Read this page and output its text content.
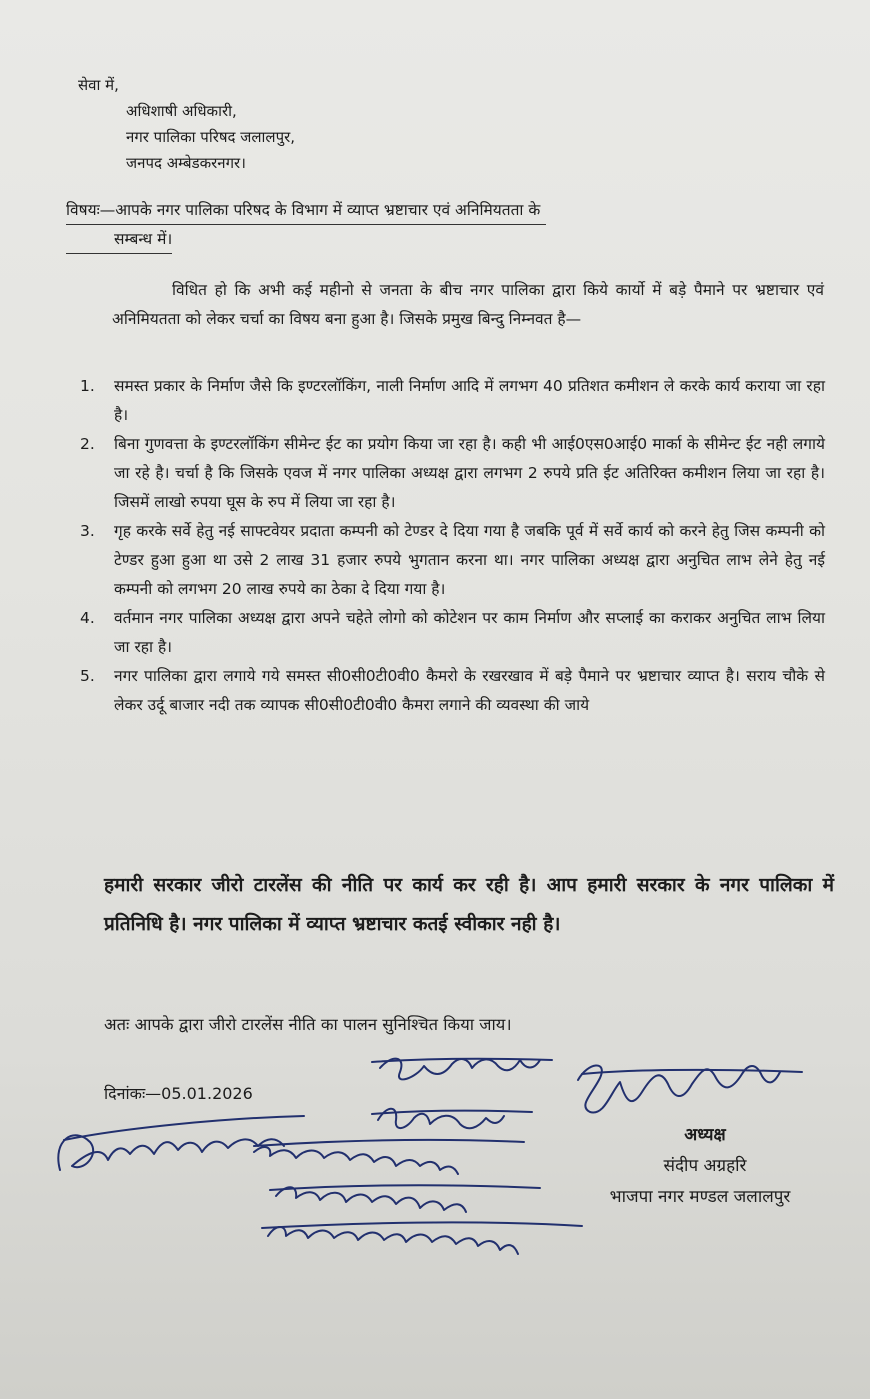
सेवा में,
अधिशाषी अधिकारी,
नगर पालिका परिषद जलालपुर,
जनपद अम्बेडकरनगर।
विषयः—आपके नगर पालिका परिषद के विभाग में व्याप्त भ्रष्टाचार एवं अनिमियतता के
सम्बन्ध में।

विधित हो कि अभी कई महीनो से जनता के बीच नगर पालिका द्वारा किये कार्यो में बड़े पैमाने पर भ्रष्टाचार एवं अनिमियतता को लेकर चर्चा का विषय बना हुआ है। जिसके प्रमुख बिन्दु निम्नवत है—

1. समस्त प्रकार के निर्माण जैसे कि इण्टरलॉकिंग, नाली निर्माण आदि में लगभग 40 प्रतिशत कमीशन ले करके कार्य कराया जा रहा है।
2. बिना गुणवत्ता के इण्टरलॉकिंग सीमेन्ट ईट का प्रयोग किया जा रहा है। कही भी आई0एस0आई0 मार्का के सीमेन्ट ईट नही लगाये जा रहे है। चर्चा है कि जिसके एवज में नगर पालिका अध्यक्ष द्वारा लगभग 2 रुपये प्रति ईट अतिरिक्त कमीशन लिया जा रहा है। जिसमें लाखो रुपया घूस के रुप में लिया जा रहा है।
3. गृह करके सर्वे हेतु नई साफ्टवेयर प्रदाता कम्पनी को टेण्डर दे दिया गया है जबकि पूर्व में सर्वे कार्य को करने हेतु जिस कम्पनी को टेण्डर हुआ हुआ था उसे 2 लाख 31 हजार रुपये भुगतान करना था। नगर पालिका अध्यक्ष द्वारा अनुचित लाभ लेने हेतु नई कम्पनी को लगभग 20 लाख रुपये का ठेका दे दिया गया है।
4. वर्तमान नगर पालिका अध्यक्ष द्वारा अपने चहेते लोगो को कोटेशन पर काम निर्माण और सप्लाई का कराकर अनुचित लाभ लिया जा रहा है।
5. नगर पालिका द्वारा लगाये गये समस्त सी0सी0टी0वी0 कैमरो के रखरखाव में बड़े पैमाने पर भ्रष्टाचार व्याप्त है। सराय चौके से लेकर उर्दू बाजार नदी तक व्यापक सी0सी0टी0वी0 कैमरा लगाने की व्यवस्था की जाये
हमारी सरकार जीरो टारलेंस की नीति पर कार्य कर रही है। आप हमारी सरकार के नगर पालिका में प्रतिनिधि है। नगर पालिका में व्याप्त भ्रष्टाचार कतई स्वीकार नही है।
अतः आपके द्वारा जीरो टारलेंस नीति का पालन सुनिश्चित किया जाय।
दिनांकः—05.01.2026
अध्यक्ष
संदीप अग्रहरि
भाजपा नगर मण्डल जलालपुर
